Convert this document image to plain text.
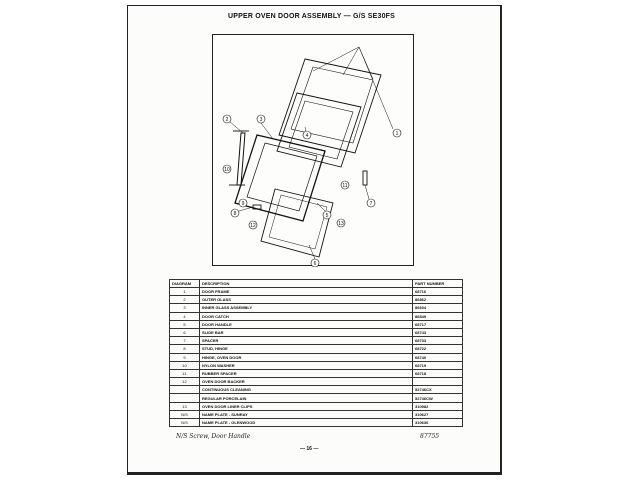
UPPER OVEN DOOR ASSEMBLY — G/S SE30FS
1
2	3
4
5
6
7
8
9
10
11
12	13
DIAGRAM	DESCRIPTION	PART NUMBER
1	DOOR FRAME	68716
2	OUTER GLASS	86862
3	INNER GLASS ASSEMBLY	86604
4	DOOR CATCH	86849
5	DOOR HANDLE	68717
6	SLIDE BAR	68743
7	SPACER	68733
8	STUD, HINGE	68722
9	HINGE, OVEN DOOR	68740
10	NYLON WASHER	68719
11	RUBBER SPACER	68718
12	OVEN DOOR BACKER	
	CONTINUOUS CLEANING	52746CX
	REGULAR PORCELAIN	52746CW
13	OVEN DOOR LINER CLIPS	310982
N/S	NAME PLATE - SUNRAY	310627
N/S	NAME PLATE - GLENWOOD	310636
N/S Screw, Door Handle	87755
— 16 —
